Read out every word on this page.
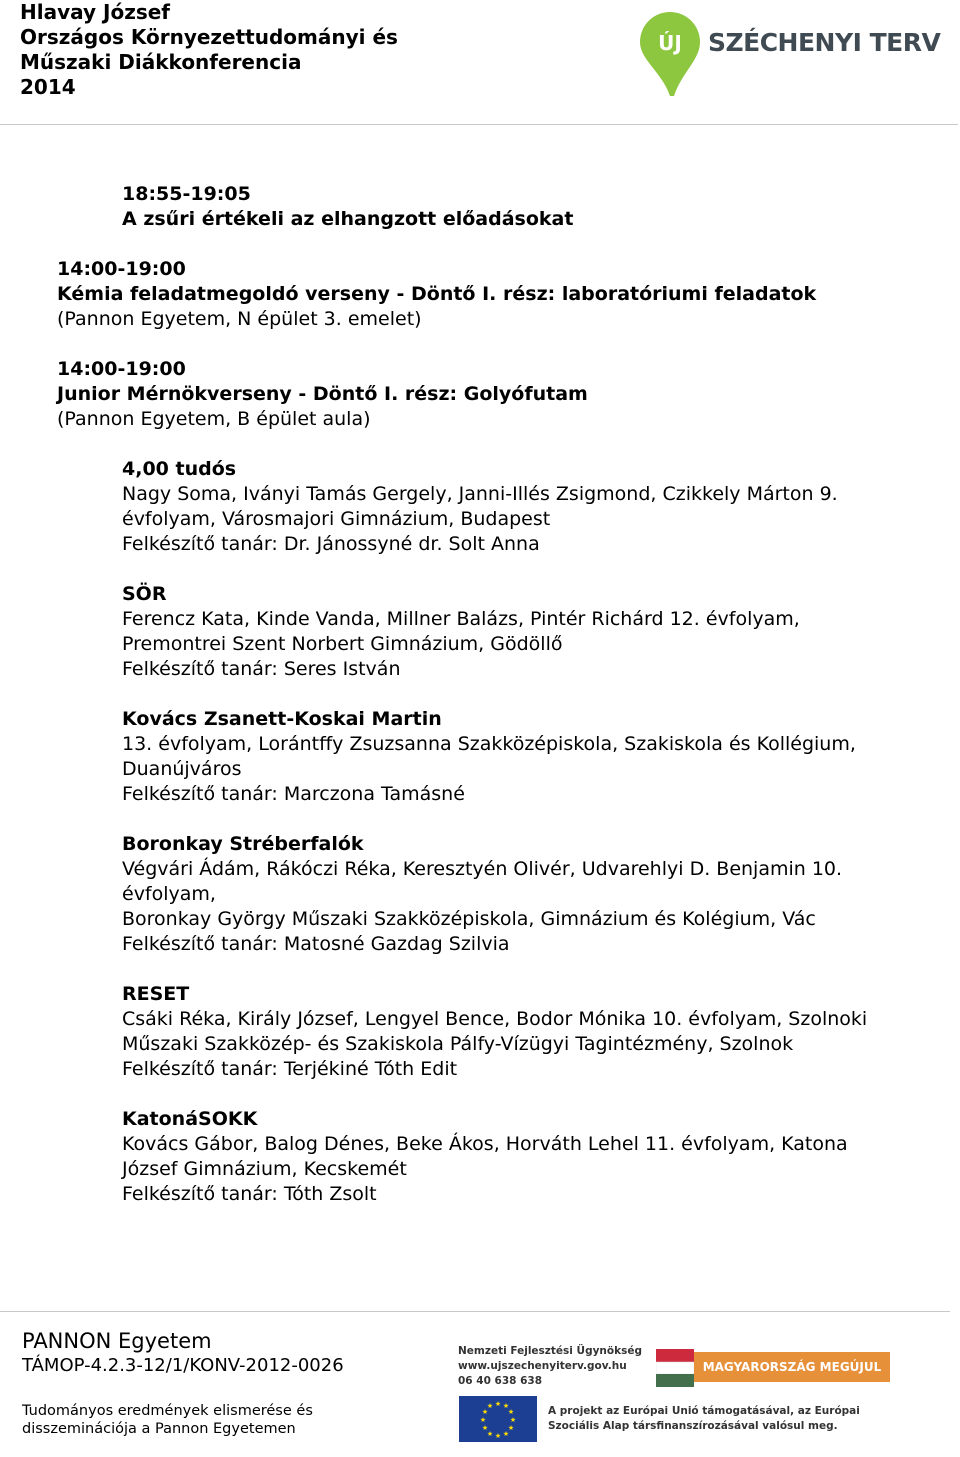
Hlavay József
Országos Környezettudományi és
Műszaki Diákkonferencia
2014
ÚJ SZÉCHENYI TERV
18:55-19:05
A zsűri értékeli az elhangzott előadásokat
14:00-19:00
Kémia feladatmegoldó verseny - Döntő I. rész: laboratóriumi feladatok
(Pannon Egyetem, N épület 3. emelet)
14:00-19:00
Junior Mérnökverseny - Döntő I. rész: Golyófutam
(Pannon Egyetem, B épület aula)
4,00 tudós
Nagy Soma, Iványi Tamás Gergely, Janni-Illés Zsigmond, Czikkely Márton 9.
évfolyam, Városmajori Gimnázium, Budapest
Felkészítő tanár: Dr. Jánossyné dr. Solt Anna
SÖR
Ferencz Kata, Kinde Vanda, Millner Balázs, Pintér Richárd 12. évfolyam,
Premontrei Szent Norbert Gimnázium, Gödöllő
Felkészítő tanár: Seres István
Kovács Zsanett-Koskai Martin
13. évfolyam, Lorántffy Zsuzsanna Szakközépiskola, Szakiskola és Kollégium,
Duanújváros
Felkészítő tanár: Marczona Tamásné
Boronkay Stréberfalók
Végvári Ádám, Rákóczi Réka, Keresztyén Olivér, Udvarehlyi D. Benjamin 10.
évfolyam,
Boronkay György Műszaki Szakközépiskola, Gimnázium és Kolégium, Vác
Felkészítő tanár: Matosné Gazdag Szilvia
RESET
Csáki Réka, Király József, Lengyel Bence, Bodor Mónika 10. évfolyam, Szolnoki
Műszaki Szakközép- és Szakiskola Pálfy-Vízügyi Tagintézmény, Szolnok
Felkészítő tanár: Terjékiné Tóth Edit
KatonáSOKK
Kovács Gábor, Balog Dénes, Beke Ákos, Horváth Lehel 11. évfolyam, Katona
József Gimnázium, Kecskemét
Felkészítő tanár: Tóth Zsolt
PANNON Egyetem
TÁMOP-4.2.3-12/1/KONV-2012-0026
Tudományos eredmények elismerése és
disszeminációja a Pannon Egyetemen
Nemzeti Fejlesztési Ügynökség
www.ujszechenyiterv.gov.hu
06 40 638 638
MAGYARORSZÁG MEGÚJUL
★ ★
★
★
★
★
★
★
★
★
★
★	A projekt az Európai Unió támogatásával, az Európai
Szociális Alap társfinanszírozásával valósul meg.
